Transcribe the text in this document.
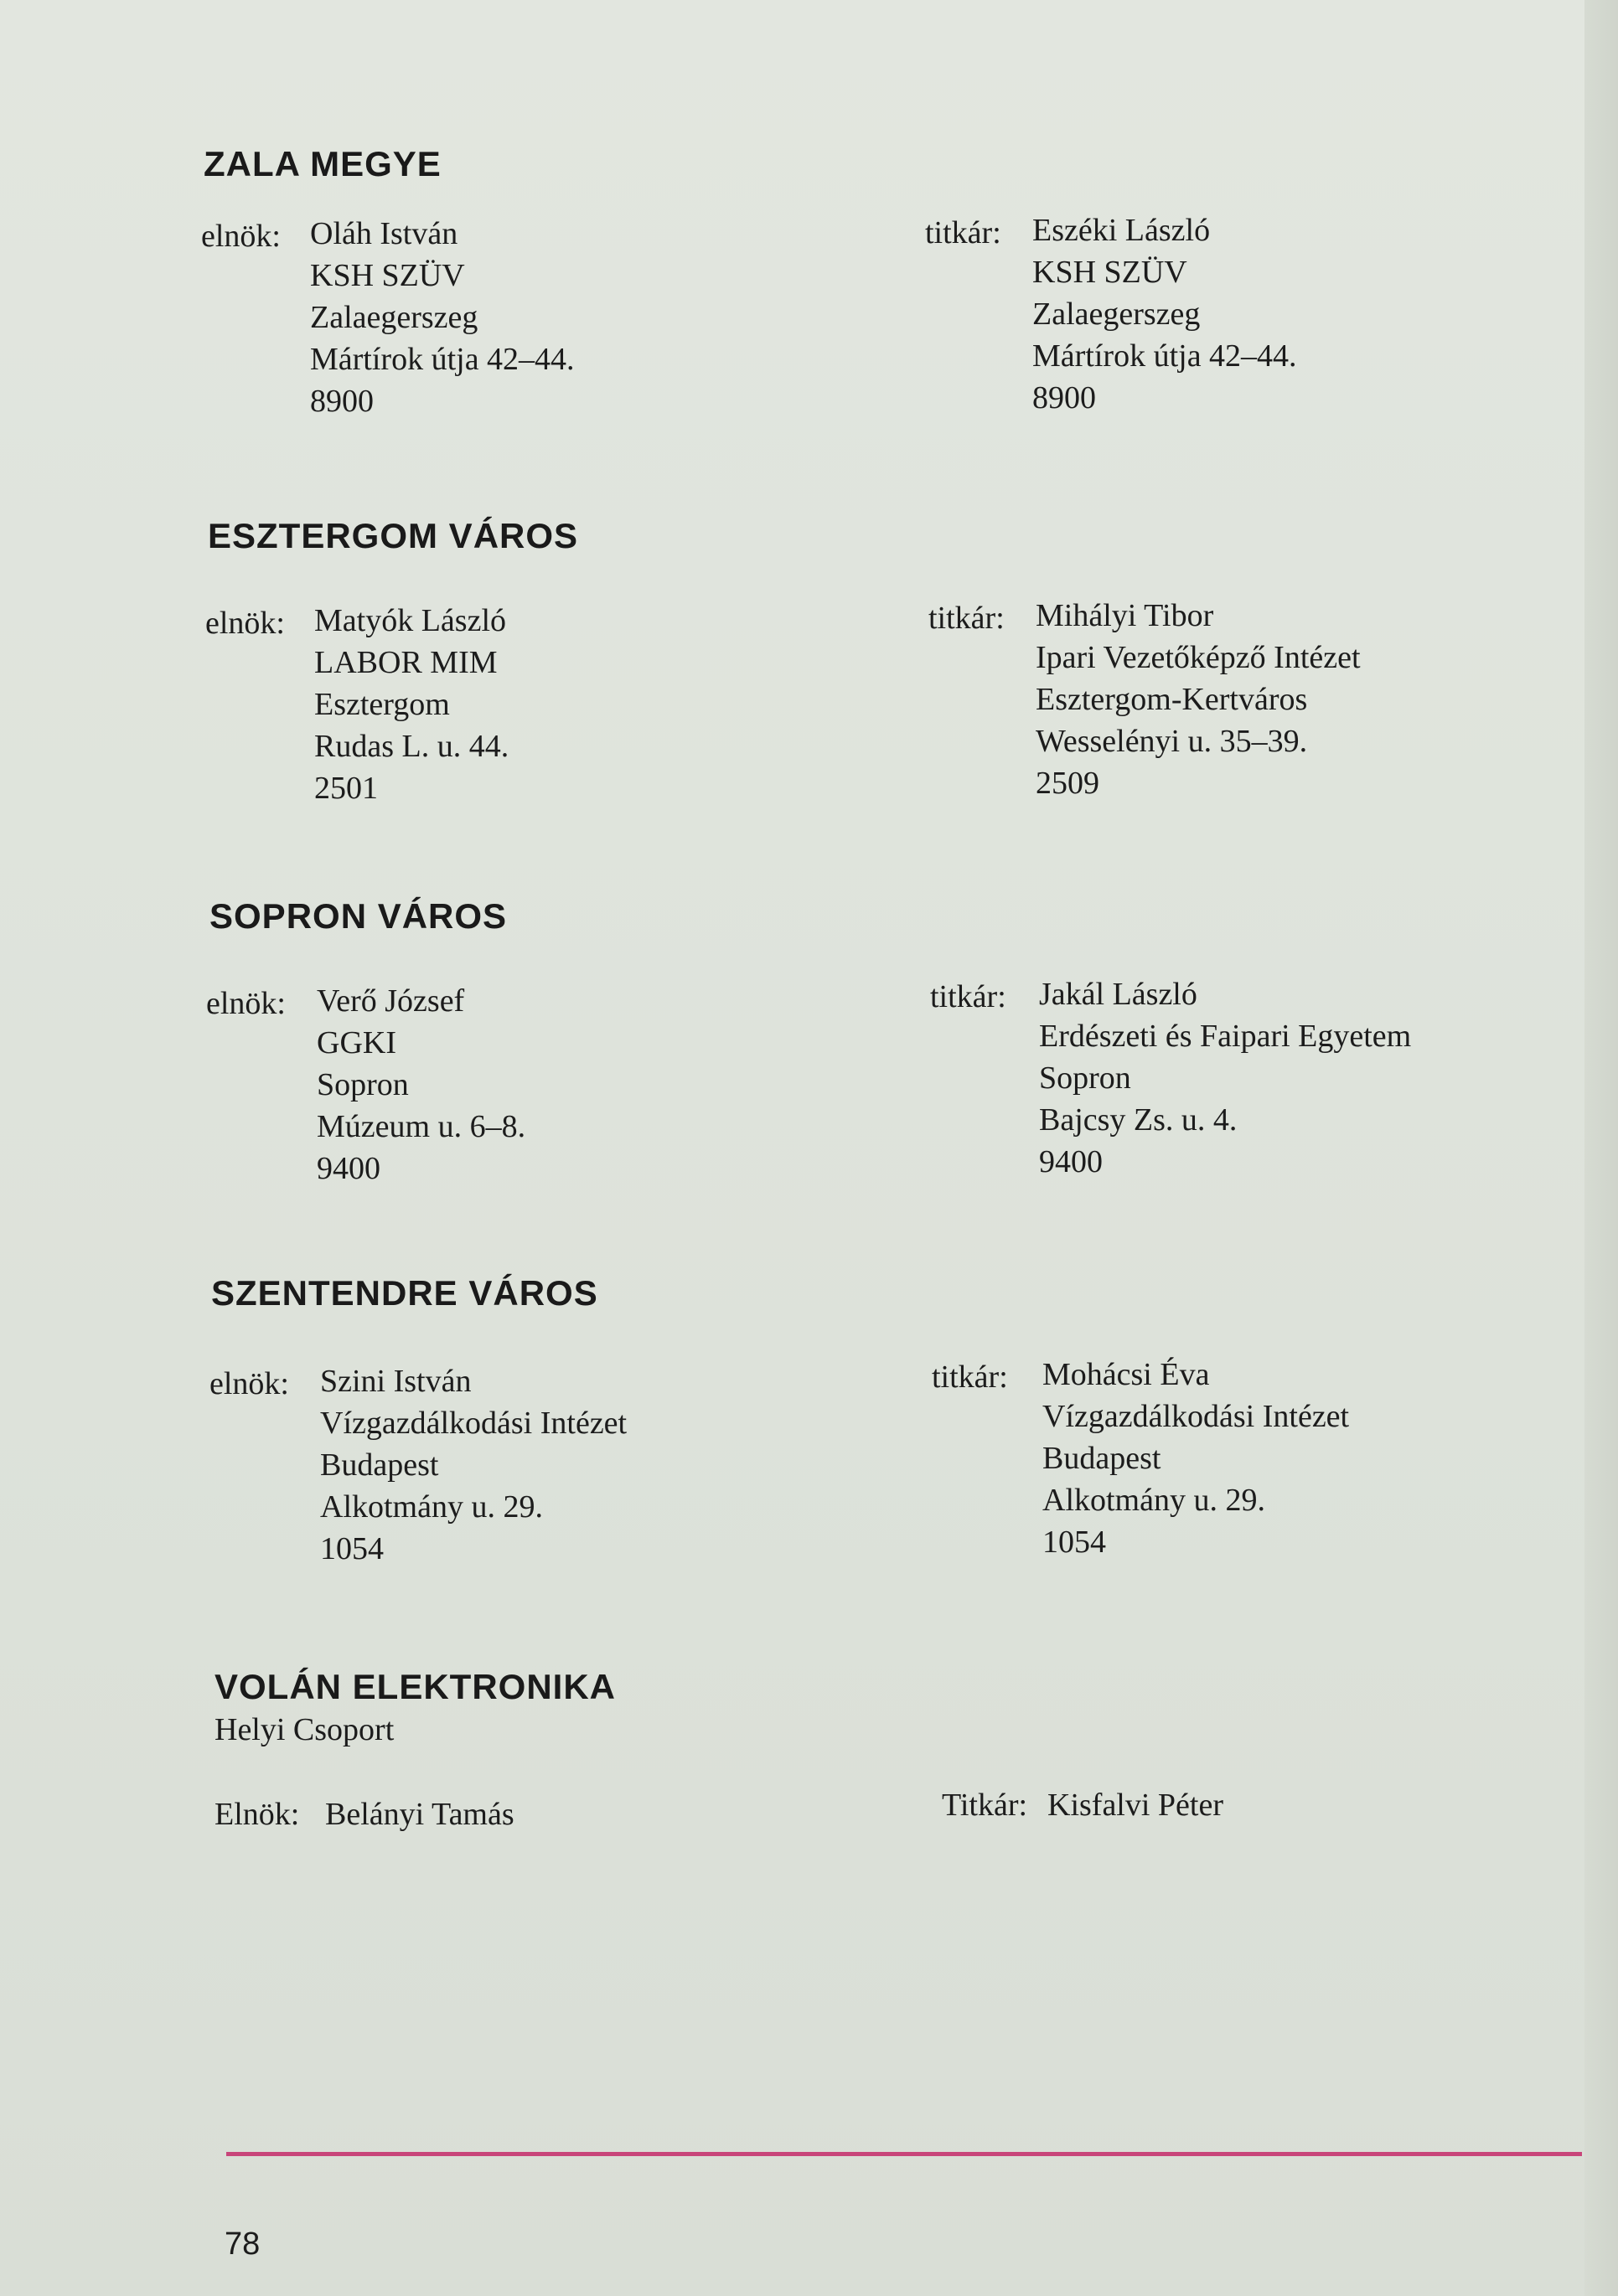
ZALA MEGYE
elnök: Oláh István
KSH SZÜV
Zalaegerszeg
Mártírok útja 42–44.
8900
titkár: Eszéki László
KSH SZÜV
Zalaegerszeg
Mártírok útja 42–44.
8900
ESZTERGOM VÁROS
elnök: Matyók László
LABOR MIM
Esztergom
Rudas L. u. 44.
2501
titkár: Mihályi Tibor
Ipari Vezetőképző Intézet
Esztergom-Kertváros
Wesselényi u. 35–39.
2509
SOPRON VÁROS
elnök: Verő József
GGKI
Sopron
Múzeum u. 6–8.
9400
titkár: Jakál László
Erdészeti és Faipari Egyetem
Sopron
Bajcsy Zs. u. 4.
9400
SZENTENDRE VÁROS
elnök: Szini István
Vízgazdálkodási Intézet
Budapest
Alkotmány u. 29.
1054
titkár: Mohácsi Éva
Vízgazdálkodási Intézet
Budapest
Alkotmány u. 29.
1054
VOLÁN ELEKTRONIKA
Helyi Csoport
Elnök: Belányi Tamás	Titkár: Kisfalvi Péter
78
